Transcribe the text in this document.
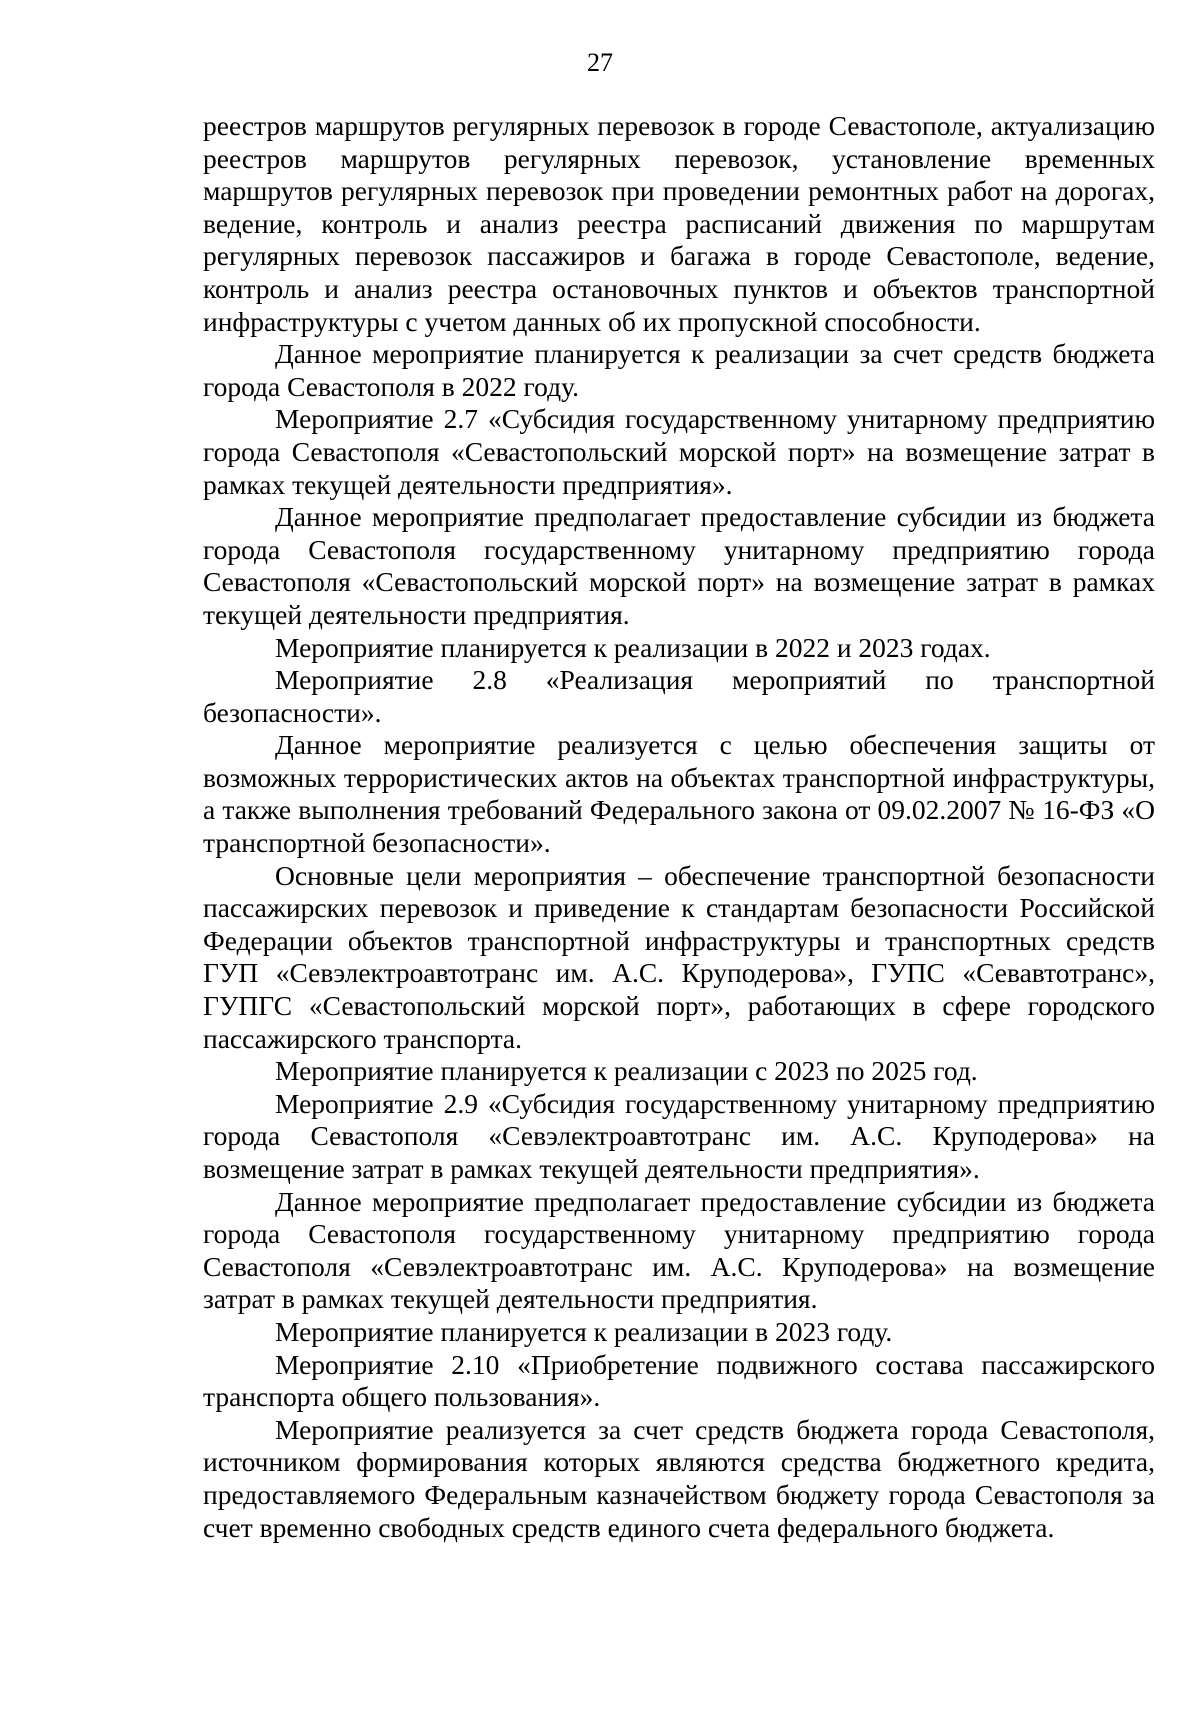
27

реестров маршрутов регулярных перевозок в городе Севастополе, актуализацию реестров маршрутов регулярных перевозок, установление временных маршрутов регулярных перевозок при проведении ремонтных работ на дорогах, ведение, контроль и анализ реестра расписаний движения по маршрутам регулярных перевозок пассажиров и багажа в городе Севастополе, ведение, контроль и анализ реестра остановочных пунктов и объектов транспортной инфраструктуры с учетом данных об их пропускной способности.

Данное мероприятие планируется к реализации за счет средств бюджета города Севастополя в 2022 году.

Мероприятие 2.7 «Субсидия государственному унитарному предприятию города Севастополя «Севастопольский морской порт» на возмещение затрат в рамках текущей деятельности предприятия».

Данное мероприятие предполагает предоставление субсидии из бюджета города Севастополя государственному унитарному предприятию города Севастополя «Севастопольский морской порт» на возмещение затрат в рамках текущей деятельности предприятия.

Мероприятие планируется к реализации в 2022 и 2023 годах.

Мероприятие 2.8 «Реализация мероприятий по транспортной безопасности».

Данное мероприятие реализуется с целью обеспечения защиты от возможных террористических актов на объектах транспортной инфраструктуры, а также выполнения требований Федерального закона от 09.02.2007 № 16-ФЗ «О транспортной безопасности».

Основные цели мероприятия – обеспечение транспортной безопасности пассажирских перевозок и приведение к стандартам безопасности Российской Федерации объектов транспортной инфраструктуры и транспортных средств ГУП «Севэлектроавтотранс им. А.С. Круподерова», ГУПС «Севавтотранс», ГУПГС «Севастопольский морской порт», работающих в сфере городского пассажирского транспорта.

Мероприятие планируется к реализации с 2023 по 2025 год.

Мероприятие 2.9 «Субсидия государственному унитарному предприятию города Севастополя «Севэлектроавтотранс им. А.С. Круподерова» на возмещение затрат в рамках текущей деятельности предприятия».

Данное мероприятие предполагает предоставление субсидии из бюджета города Севастополя государственному унитарному предприятию города Севастополя «Севэлектроавтотранс им. А.С. Круподерова» на возмещение затрат в рамках текущей деятельности предприятия.

Мероприятие планируется к реализации в 2023 году.

Мероприятие 2.10 «Приобретение подвижного состава пассажирского транспорта общего пользования».

Мероприятие реализуется за счет средств бюджета города Севастополя, источником формирования которых являются средства бюджетного кредита, предоставляемого Федеральным казначейством бюджету города Севастополя за счет временно свободных средств единого счета федерального бюджета.
